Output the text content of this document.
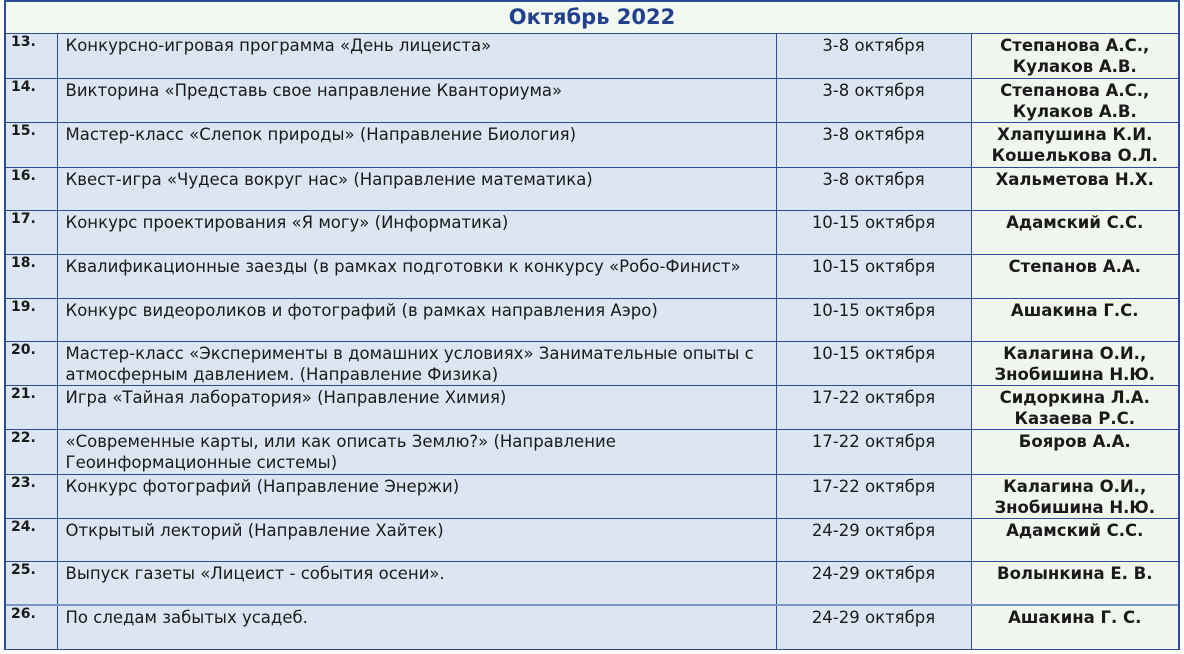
Октябрь 2022
13.	Конкурсно-игровая программа «День лицеиста»	3-8 октября	Степанова А.С., Кулаков А.В.
14.	Викторина «Представь свое направление Кванториума»	3-8 октября	Степанова А.С., Кулаков А.В.
15.	Мастер-класс «Слепок природы» (Направление Биология)	3-8 октября	Хлапушина К.И. Кошелькова О.Л.
16.	Квест-игра «Чудеса вокруг нас» (Направление математика)	3-8 октября	Хальметова Н.Х.
17.	Конкурс проектирования «Я могу» (Информатика)	10-15 октября	Адамский С.С.
18.	Квалификационные заезды (в рамках подготовки к конкурсу «Робо-Финист»	10-15 октября	Степанов А.А.
19.	Конкурс видеороликов и фотографий (в рамках направления Аэро)	10-15 октября	Ашакина Г.С.
20.	Мастер-класс «Эксперименты в домашних условиях» Занимательные опыты с атмосферным давлением. (Направление Физика)	10-15 октября	Калагина О.И., Знобишина Н.Ю.
21.	Игра «Тайная лаборатория» (Направление Химия)	17-22 октября	Сидоркина Л.А. Казаева Р.С.
22.	«Современные карты, или как описать Землю?» (Направление Геоинформационные системы)	17-22 октября	Бояров А.А.
23.	Конкурс фотографий (Направление Энержи)	17-22 октября	Калагина О.И., Знобишина Н.Ю.
24.	Открытый лекторий (Направление Хайтек)	24-29 октября	Адамский С.С.
25.	Выпуск газеты «Лицеист - события осени».	24-29 октября	Волынкина Е. В.
26.	По следам забытых усадеб.	24-29 октября	Ашакина Г. С.
